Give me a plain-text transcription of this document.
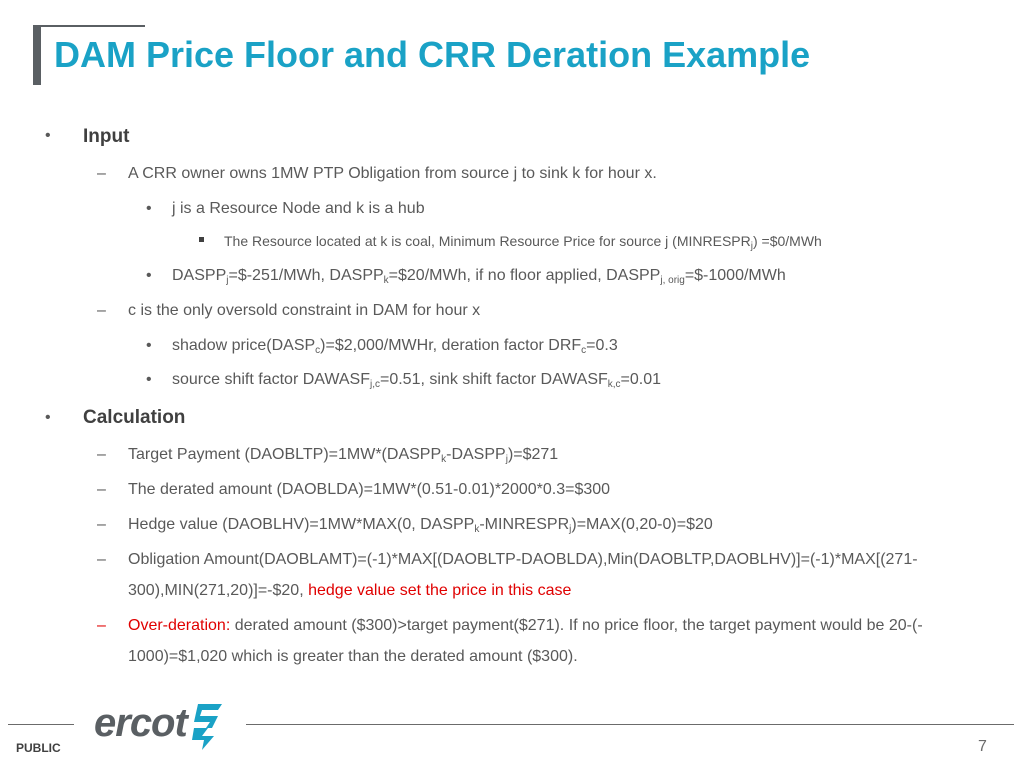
DAM Price Floor and CRR Deration Example
• Input
– A CRR owner owns 1MW PTP Obligation from source j to sink k for hour x.
• j is a Resource Node and k is a hub
The Resource located at k is coal, Minimum Resource Price for source j $(MINRESPR_j)$ =$0/MWh
• $DASPP_j=\$-251$/MWh, $DASPP_k=\$20$/MWh, if no floor applied, $DASPP_{j, orig}=\$-1000$/MWh
– c is the only oversold constraint in DAM for hour x
• shadow $price(DASP_c)=\$2,000$/MWHr, deration factor $DRF_c=0.3$
• source shift factor $DAWASF_{j,c}=0.51$, sink shift factor $DAWASF_{k,c}=0.01$
• Calculation
– Target Payment $(DAOBLTP)=1MW*(DASPP_k-DASPP_j)=\$271$
– The derated amount (DAOBLDA)=1MW*(0.51-0.01)*2000*0.3=$300
– Hedge value (DAOBLHV)=1MW*MAX(0, $DASPP_k-MINRESPR_j)=MAX(0,20-0)=\$20$
– Obligation Amount(DAOBLAMT)=(-1)*MAX[(DAOBLTP-DAOBLDA),Min(DAOBLTP,DAOBLHV)]=(-1)*MAX[(271-
300),MIN(271,20)]=-$20, hedge value set the price in this case
– Over-deration: derated amount ($300)>target payment($271). If no price floor, the target payment would be 20-(-
1000)=$1,020 which is greater than the derated amount ($300).
PUBLIC
ercot
7
